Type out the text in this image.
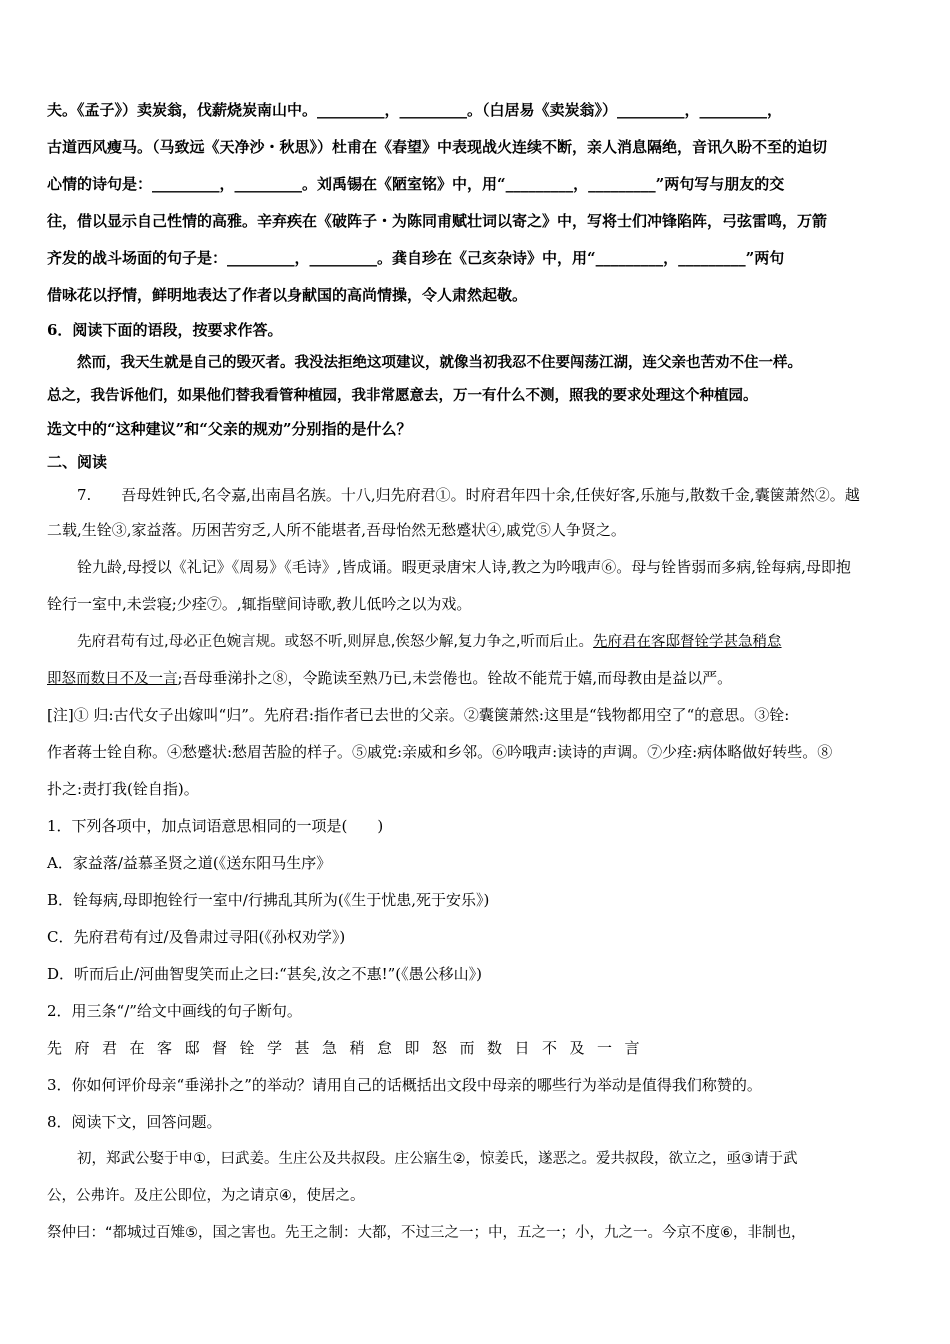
夫。《孟子》）卖炭翁，伐薪烧炭南山中。_________，_________。（白居易《卖炭翁》）_________，_________，
古道西风瘦马。（马致远《天净沙・秋思》）杜甫在《春望》中表现战火连续不断，亲人消息隔绝，音讯久盼不至的迫切
心情的诗句是：_________，_________。刘禹锡在《陋室铭》中，用“_________，_________”两句写与朋友的交
往，借以显示自己性情的高雅。辛弃疾在《破阵子・为陈同甫赋壮词以寄之》中，写将士们冲锋陷阵，弓弦雷鸣，万箭
齐发的战斗场面的句子是：_________，_________。龚自珍在《己亥杂诗》中，用“_________，_________”两句
借咏花以抒情，鲜明地表达了作者以身献国的高尚情操，令人肃然起敬。
6．阅读下面的语段，按要求作答。
然而，我天生就是自己的毁灭者。我没法拒绝这项建议，就像当初我忍不住要闯荡江湖，连父亲也苦劝不住一样。
总之，我告诉他们，如果他们替我看管种植园，我非常愿意去，万一有什么不测，照我的要求处理这个种植园。
选文中的“这种建议”和“父亲的规劝”分别指的是什么？
二、阅读
7.　　吾母姓钟氏,名令嘉,出南昌名族。十八,归先府君①。时府君年四十余,任侠好客,乐施与,散数千金,囊箧萧然②。越
二载,生铨③,家益落。历困苦穷乏,人所不能堪者,吾母怡然无愁蹙状④,戚党⑤人争贤之。
铨九龄,母授以《礼记》《周易》《毛诗》,皆成诵。暇更录唐宋人诗,教之为吟哦声⑥。母与铨皆弱而多病,铨每病,母即抱
铨行一室中,未尝寝;少痊⑦。,辄指壁间诗歌,教儿低吟之以为戏。
先府君苟有过,母必正色婉言规。或怒不听,则屏息,俟怒少解,复力争之,听而后止。先府君在客邸督铨学甚急稍怠
即怒而数日不及一言;吾母垂涕扑之⑧，令跪读至熟乃已,未尝倦也。铨故不能荒于嬉,而母教由是益以严。
[注]① 归:古代女子出嫁叫“归”。先府君:指作者已去世的父亲。②囊箧萧然:这里是“钱物都用空了“的意思。③铨:
作者蒋士铨自称。④愁蹙状:愁眉苦脸的样子。⑤戚党:亲威和乡邻。⑥吟哦声:读诗的声调。⑦少痊:病体略做好转些。⑧
扑之:责打我(铨自指)。
1．下列各项中，加点词语意思相同的一项是(　　)
A．家益落/益慕圣贤之道(《送东阳马生序》
B．铨每病,母即抱铨行一室中/行拂乱其所为(《生于忧患,死于安乐》)
C．先府君苟有过/及鲁肃过寻阳(《孙权劝学》)
D．听而后止/河曲智叟笑而止之曰:“甚矣,汝之不惠!”(《愚公移山》)
2．用三条“/”给文中画线的句子断句。
先府君在客邸督铨学甚急稍怠即怒而数日不及一言
3．你如何评价母亲“垂涕扑之”的举动？请用自己的话概括出文段中母亲的哪些行为举动是值得我们称赞的。
8．阅读下文，回答问题。
初，郑武公娶于申①，曰武姜。生庄公及共叔段。庄公寤生②，惊姜氏，遂恶之。爱共叔段，欲立之，亟③请于武
公，公弗许。及庄公即位，为之请京④，使居之。
祭仲曰：“都城过百雉⑤，国之害也。先王之制：大都，不过三之一；中，五之一；小，九之一。今京不度⑥，非制也，
